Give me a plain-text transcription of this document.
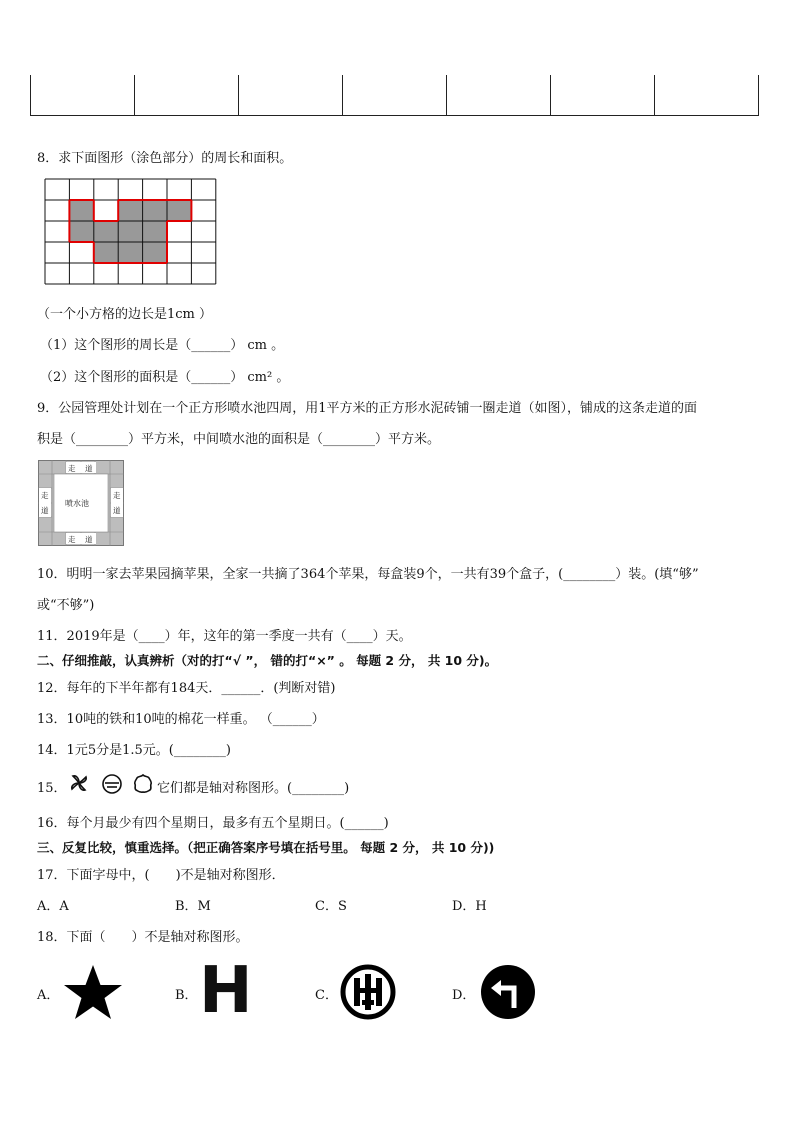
8．求下面图形（涂色部分）的周长和面积。
（一个小方格的边长是1cm ）
（1）这个图形的周长是（______） cm 。
（2）这个图形的面积是（______） cm² 。
9．公园管理处计划在一个正方形喷水池四周，用1平方米的正方形水泥砖铺一圈走道（如图），铺成的这条走道的面
积是（________）平方米，中间喷水池的面积是（________）平方米。
走 道
走 道
走
道
走
道
喷水池
10．明明一家去苹果园摘苹果，全家一共摘了364个苹果，每盒装9个，一共有39个盒子，(________）装。(填“够”
或“不够”)
11．2019年是（____）年，这年的第一季度一共有（____）天。
二、仔细推敲，认真辨析（对的打“√ ”， 错的打“×” 。 每题 2 分， 共 10 分)。
12．每年的下半年都有184天．______．(判断对错)
13．10吨的铁和10吨的棉花一样重。 （______）
14．1元5分是1.5元。(________)
15．	它们都是轴对称图形。(________)
16．每个月最少有四个星期日，最多有五个星期日。(______)
三、反复比较，慎重选择。（把正确答案序号填在括号里。 每题 2 分， 共 10 分))
17．下面字母中，(　　)不是轴对称图形．
A．A	B．M	C．S	D．H
18．下面（　　）不是轴对称图形。
A．	B． H	C．	D．
